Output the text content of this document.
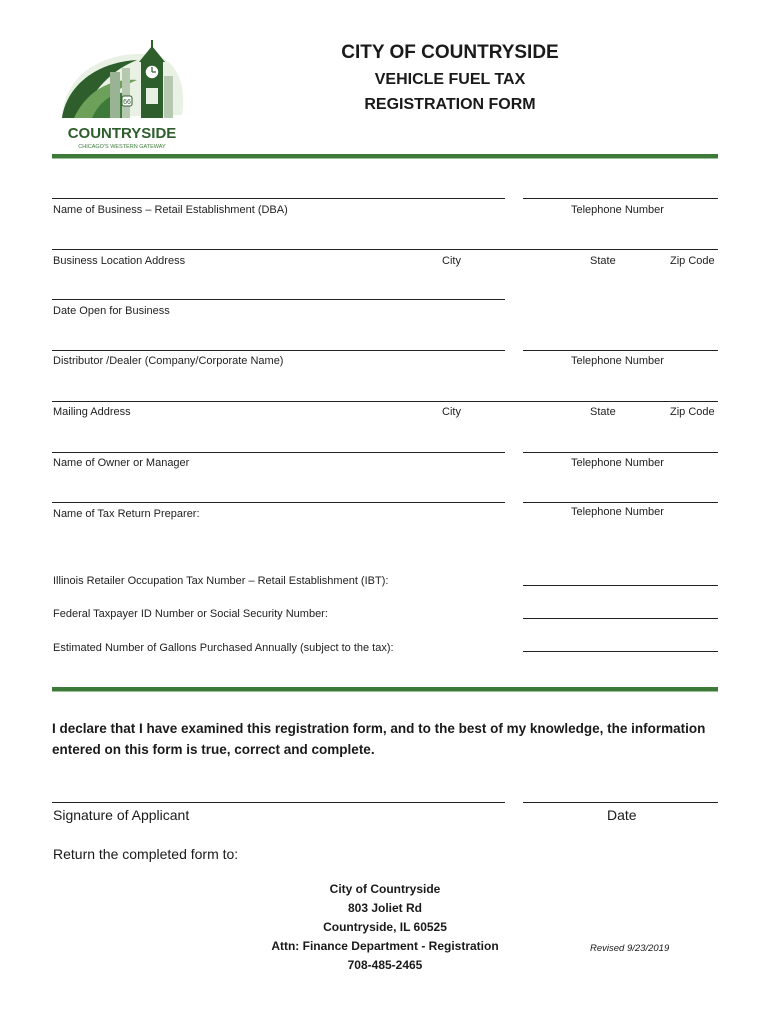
66
COUNTRYSIDE
CHICAGO'S WESTERN GATEWAY
CITY OF COUNTRYSIDE
VEHICLE FUEL TAX
REGISTRATION FORM
Name of Business – Retail Establishment (DBA)	Telephone Number
Business Location Address	City	State	Zip Code
Date Open for Business
Distributor /Dealer (Company/Corporate Name)	Telephone Number
Mailing Address	City	State	Zip Code
Name of Owner or Manager	Telephone Number
Name of Tax Return Preparer:	Telephone Number
Illinois Retailer Occupation Tax Number – Retail Establishment (IBT):
Federal Taxpayer ID Number or Social Security Number:
Estimated Number of Gallons Purchased Annually (subject to the tax):
I declare that I have examined this registration form, and to the best of my knowledge, the information entered on this form is true, correct and complete.
Signature of Applicant	Date
Return the completed form to:
City of Countryside
803 Joliet Rd
Countryside, IL 60525
Attn: Finance Department - Registration
708-485-2465
Revised 9/23/2019
